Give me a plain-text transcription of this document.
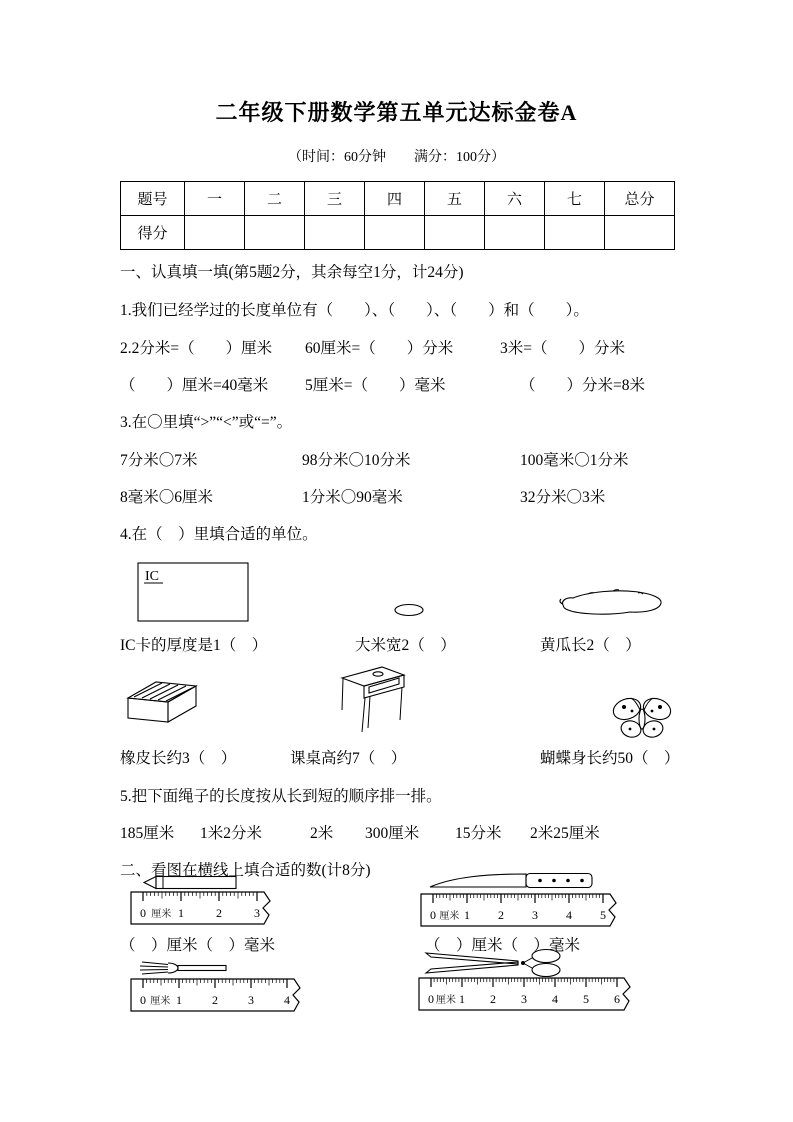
二年级下册数学第五单元达标金卷A
（时间：60分钟　　满分：100分）
题号	一	二	三	四	五	六	七	总分
得分								
一、认真填一填(第5题2分，其余每空1分，计24分)
1.我们已经学过的长度单位有（　　）、（　　）、（　　）和（　　）。
2.2分米=（　　）厘米 60厘米=（　　）分米	3米=（　　）分米
（　　）厘米=40毫米 5厘米=（　　）毫米	（　　）分米=8米
3.在〇里填“>”“<”或“=”。
7分米〇7米	98分米〇10分米	100毫米〇1分米
8毫米〇6厘米	1分米〇90毫米	32分米〇3米
4.在（　）里填合适的单位。
IC
IC卡的厚度是1（　）	大米宽2（　）	黄瓜长2（　）
橡皮长约3（　）	课桌高约7（　）	蝴蝶身长约50（　）
5.把下面绳子的长度按从长到短的顺序排一排。
185厘米 1米2分米	2米 300厘米 15分米 2米25厘米
二、看图在横线上填合适的数(计8分)
0	1	2	3
厘米	0 1 2 3 4 5
厘米
（　）厘米（　）毫米	（　）厘米（　）毫米
0	1	2	3	4
厘米	0 1 2 3 4 5 6
厘米
